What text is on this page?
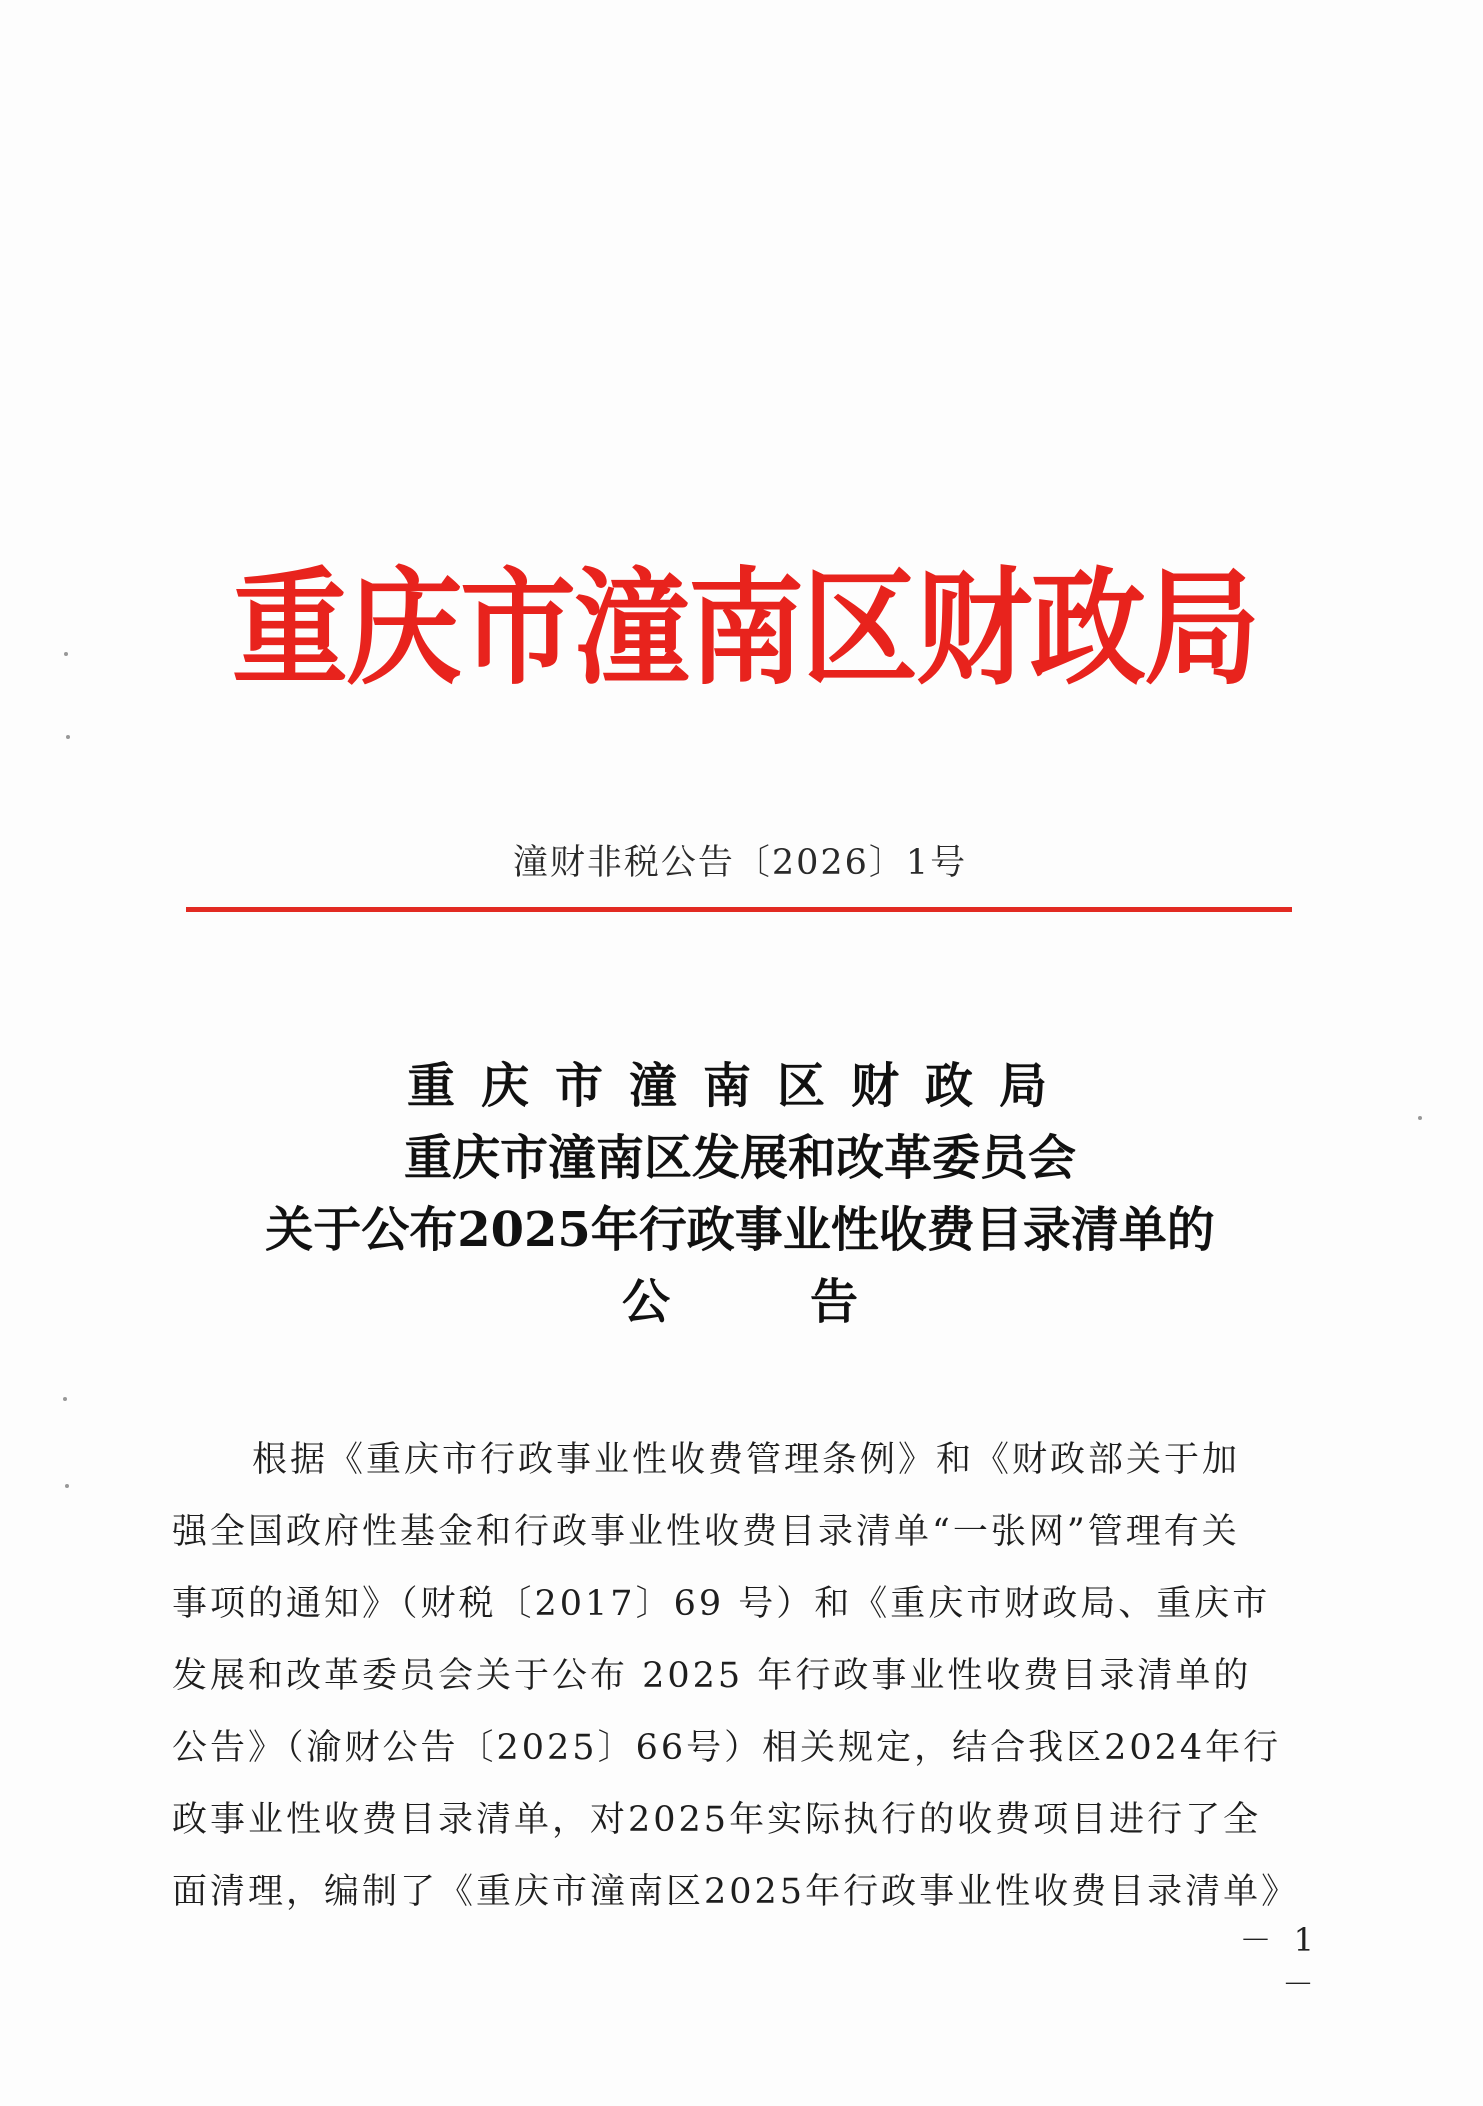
重庆市潼南区财政局
潼财非税公告〔2026〕1号
重庆市潼南区财政局
重庆市潼南区发展和改革委员会
关于公布2025年行政事业性收费目录清单的
公告
根据《重庆市行政事业性收费管理条例》和《财政部关于加
强全国政府性基金和行政事业性收费目录清单“一张网”管理有关
事项的通知》（财税〔2017〕69 号）和《重庆市财政局、重庆市
发展和改革委员会关于公布 2025 年行政事业性收费目录清单的
公告》（渝财公告〔2025〕66号）相关规定，结合我区2024年行
政事业性收费目录清单，对2025年实际执行的收费项目进行了全
面清理，编制了《重庆市潼南区2025年行政事业性收费目录清单》
－ 1 －
